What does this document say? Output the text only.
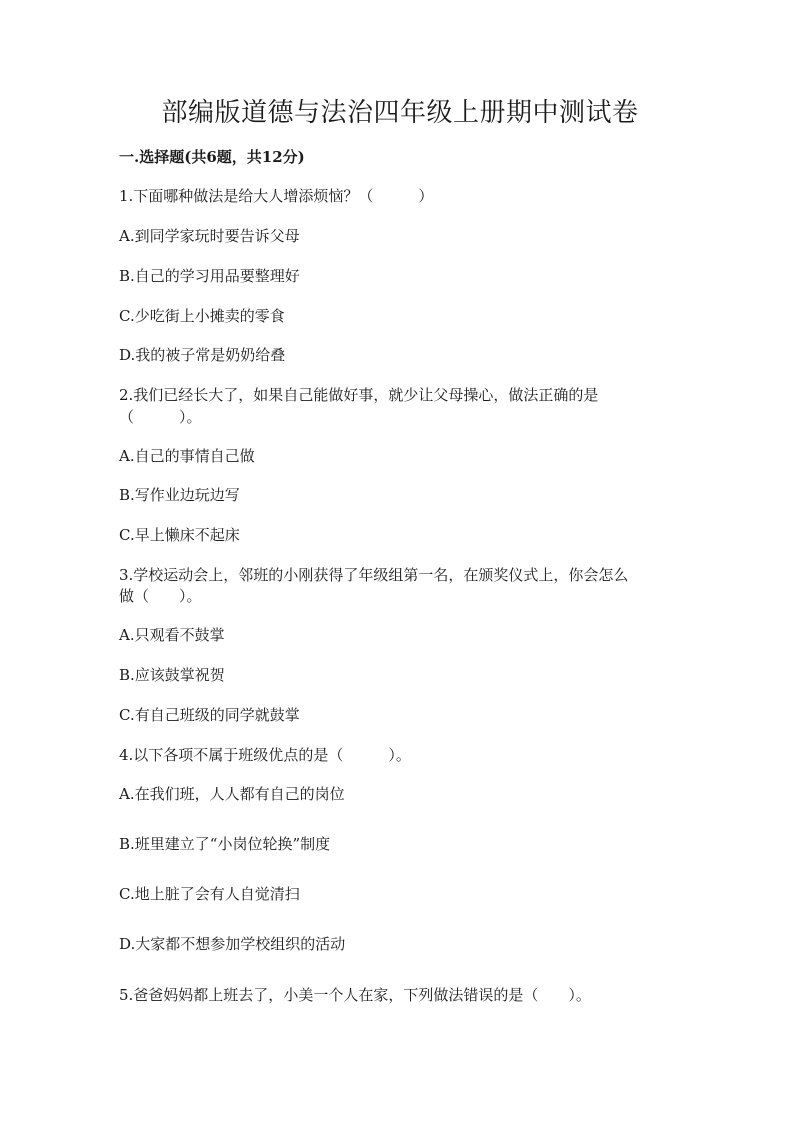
部编版道德与法治四年级上册期中测试卷

一.选择题(共6题，共12分)

1.下面哪种做法是给大人增添烦恼？（　　　）

A.到同学家玩时要告诉父母

B.自己的学习用品要整理好

C.少吃街上小摊卖的零食

D.我的被子常是奶奶给叠

2.我们已经长大了，如果自己能做好事，就少让父母操心，做法正确的是

（　　　）。

A.自己的事情自己做

B.写作业边玩边写

C.早上懒床不起床

3.学校运动会上，邻班的小刚获得了年级组第一名，在颁奖仪式上，你会怎么

做（　　）。

A.只观看不鼓掌

B.应该鼓掌祝贺

C.有自己班级的同学就鼓掌

4.以下各项不属于班级优点的是（　　　）。

A.在我们班，人人都有自己的岗位

B.班里建立了“小岗位轮换”制度

C.地上脏了会有人自觉清扫

D.大家都不想参加学校组织的活动

5.爸爸妈妈都上班去了，小美一个人在家，下列做法错误的是（　　）。
